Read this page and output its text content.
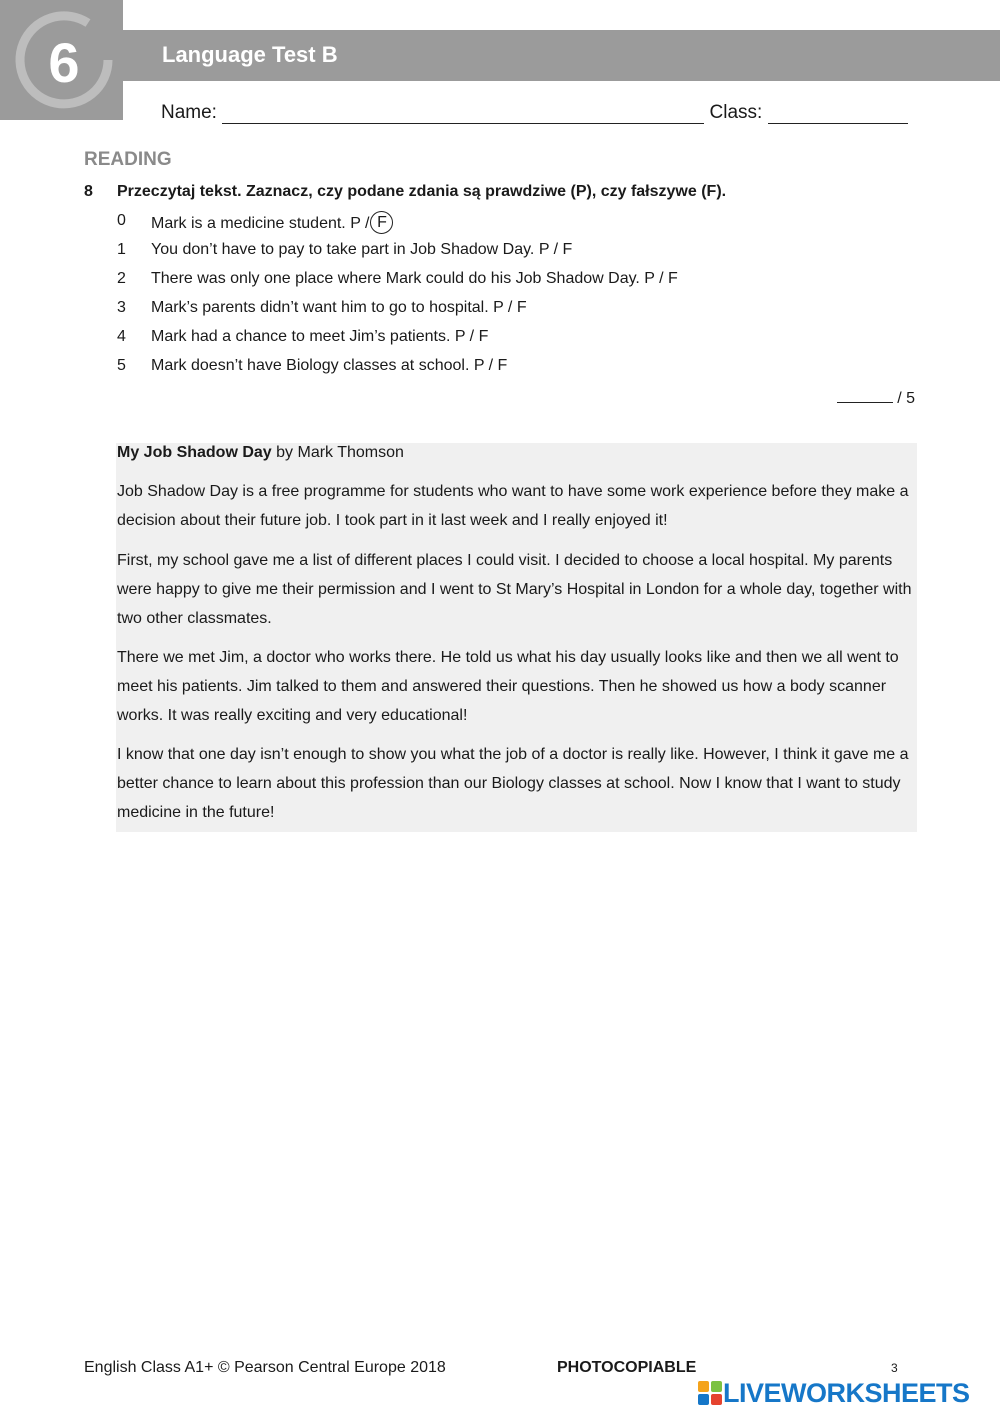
6	Language Test B
Name:	Class:
READING
8 Przeczytaj tekst. Zaznacz, czy podane zdania są prawdziwe (P), czy fałszywe (F).
0 Mark is a medicine student. P / F
1 You don’t have to pay to take part in Job Shadow Day. P / F
2 There was only one place where Mark could do his Job Shadow Day. P / F
3 Mark’s parents didn’t want him to go to hospital. P / F
4 Mark had a chance to meet Jim’s patients. P / F
5 Mark doesn’t have Biology classes at school. P / F
/ 5
My Job Shadow Day by Mark Thomson

Job Shadow Day is a free programme for students who want to have some work experience before they make a decision about their future job. I took part in it last week and I really enjoyed it!

First, my school gave me a list of different places I could visit. I decided to choose a local hospital. My parents were happy to give me their permission and I went to St Mary’s Hospital in London for a whole day, together with two other classmates.

There we met Jim, a doctor who works there. He told us what his day usually looks like and then we all went to meet his patients. Jim talked to them and answered their questions. Then he showed us how a body scanner works. It was really exciting and very educational!

I know that one day isn’t enough to show you what the job of a doctor is really like. However, I think it gave me a better chance to learn about this profession than our Biology classes at school. Now I know that I want to study medicine in the future!

English Class A1+ © Pearson Central Europe 2018	PHOTOCOPIABLE	3
LIVEWORKSHEETS
